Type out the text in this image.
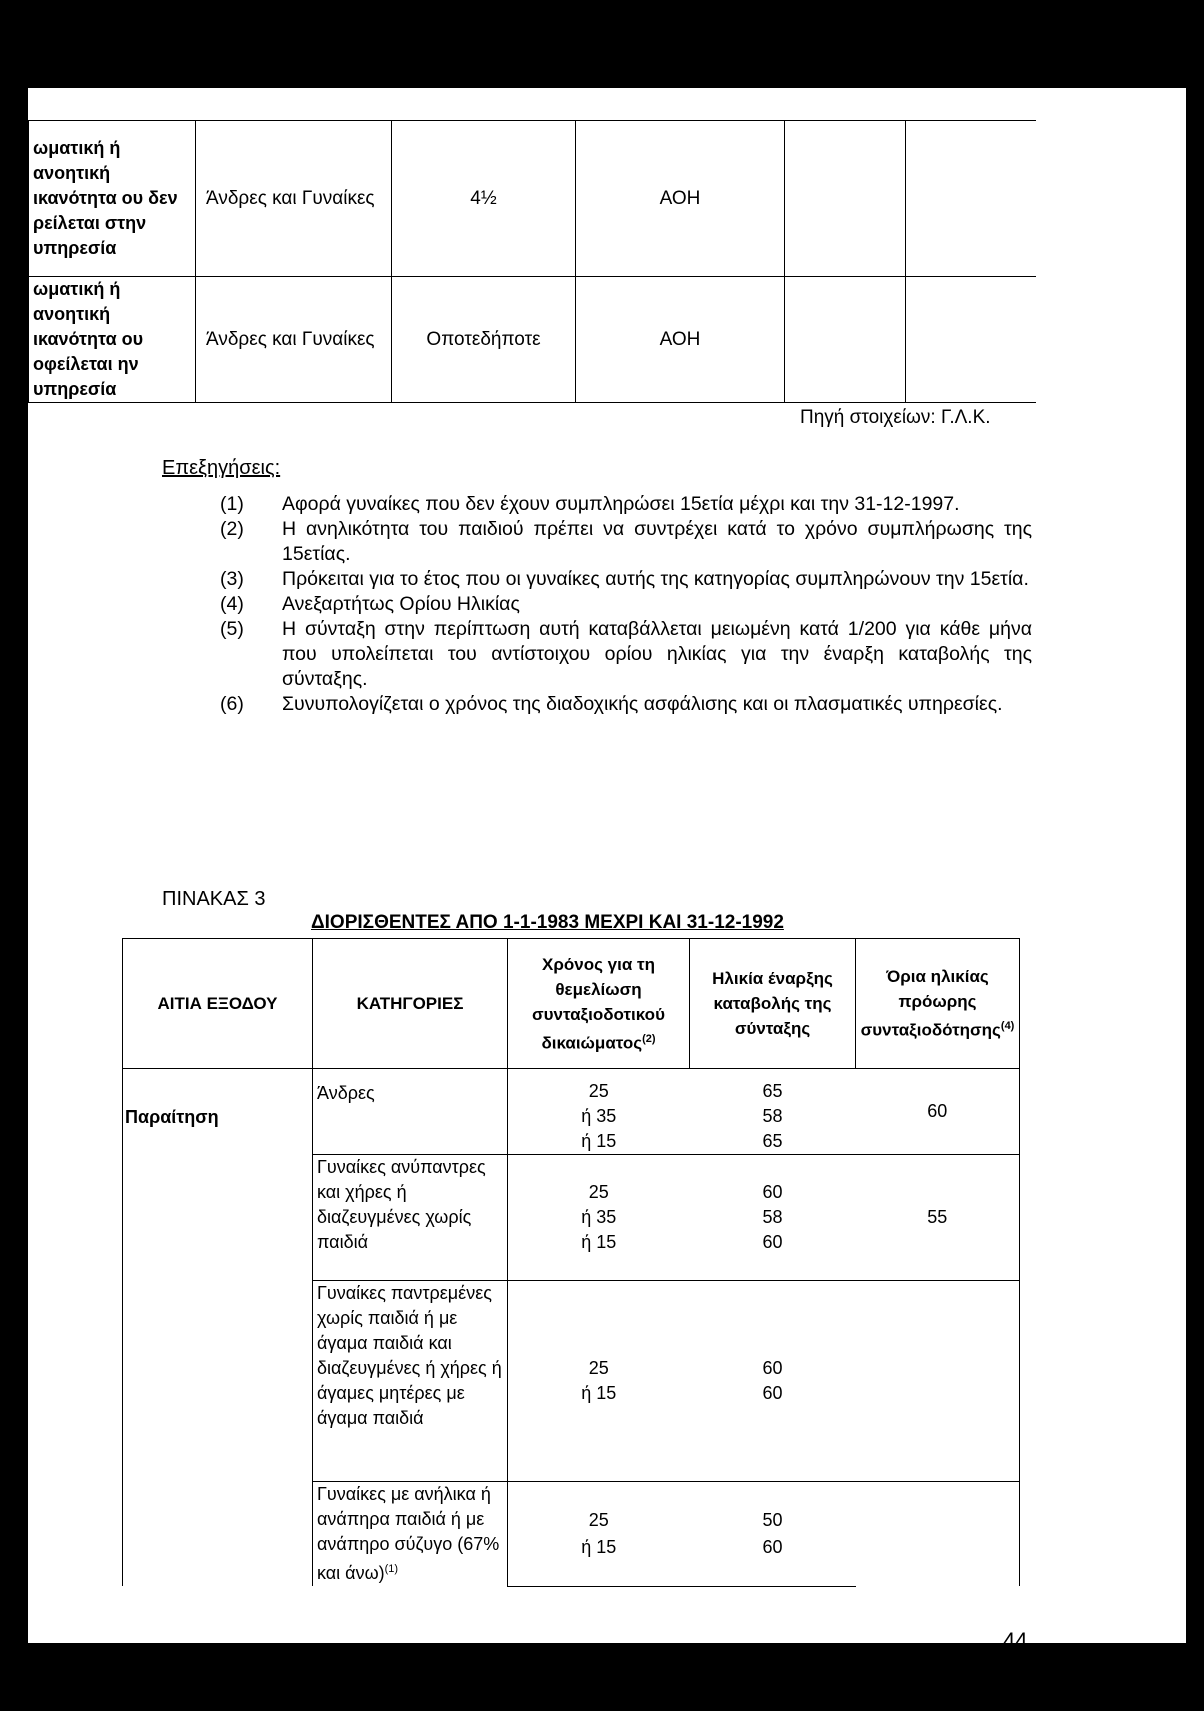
ωματική ή ανοητική ικανότητα ου δεν ρείλεται στην υπηρεσία	Άνδρες και Γυναίκες	4½	ΑΟΗ		
ωματική ή ανοητική ικανότητα ου οφείλεται ην υπηρεσία	Άνδρες και Γυναίκες	Οποτεδήποτε	ΑΟΗ		
Πηγή στοιχείων: Γ.Λ.Κ.
Επεξηγήσεις:
(1)	Αφορά γυναίκες που δεν έχουν συμπληρώσει 15ετία μέχρι και την 31-12-1997.
(2)	Η ανηλικότητα του παιδιού πρέπει να συντρέχει κατά το χρόνο συμπλήρωσης της 15ετίας.
(3)	Πρόκειται για το έτος που οι γυναίκες αυτής της κατηγορίας συμπληρώνουν την 15ετία.
(4)	Ανεξαρτήτως Ορίου Ηλικίας
(5)	Η σύνταξη στην περίπτωση αυτή καταβάλλεται μειωμένη κατά 1/200 για κάθε μήνα που υπολείπεται του αντίστοιχου ορίου ηλικίας για την έναρξη καταβολής της σύνταξης.
(6)	Συνυπολογίζεται ο χρόνος της διαδοχικής ασφάλισης και οι πλασματικές υπηρεσίες.
ΠΙΝΑΚΑΣ 3
ΔΙΟΡΙΣΘΕΝΤΕΣ ΑΠΟ 1-1-1983 ΜΕΧΡΙ ΚΑΙ 31-12-1992
ΑΙΤΙΑ ΕΞΟΔΟΥ	ΚΑΤΗΓΟΡΙΕΣ	Χρόνος για τη θεμελίωση συνταξιοδοτικού δικαιώματος$^{(2)}$	Ηλικία έναρξης καταβολής της σύνταξης	Όρια ηλικίας πρόωρης συνταξιοδότησης$^{(4)}$
Παραίτηση	Άνδρες	25	65	60
		ή 35	58	
		ή 15	65	
	Γυναίκες ανύπαντρες και χήρες ή διαζευγμένες χωρίς παιδιά	25	60	55
		ή 35	58	
		ή 15	60	

	Γυναίκες παντρεμένες χωρίς παιδιά ή με άγαμα παιδιά και διαζευγμένες ή χήρες ή άγαμες μητέρες με άγαμα παιδιά	25	60	
		ή 15	60	

	Γυναίκες με ανήλικα ή ανάπηρα παιδιά ή με ανάπηρο σύζυγο (67% και άνω)$^{(1)}$	25	50	
		ή 15	60	

44
